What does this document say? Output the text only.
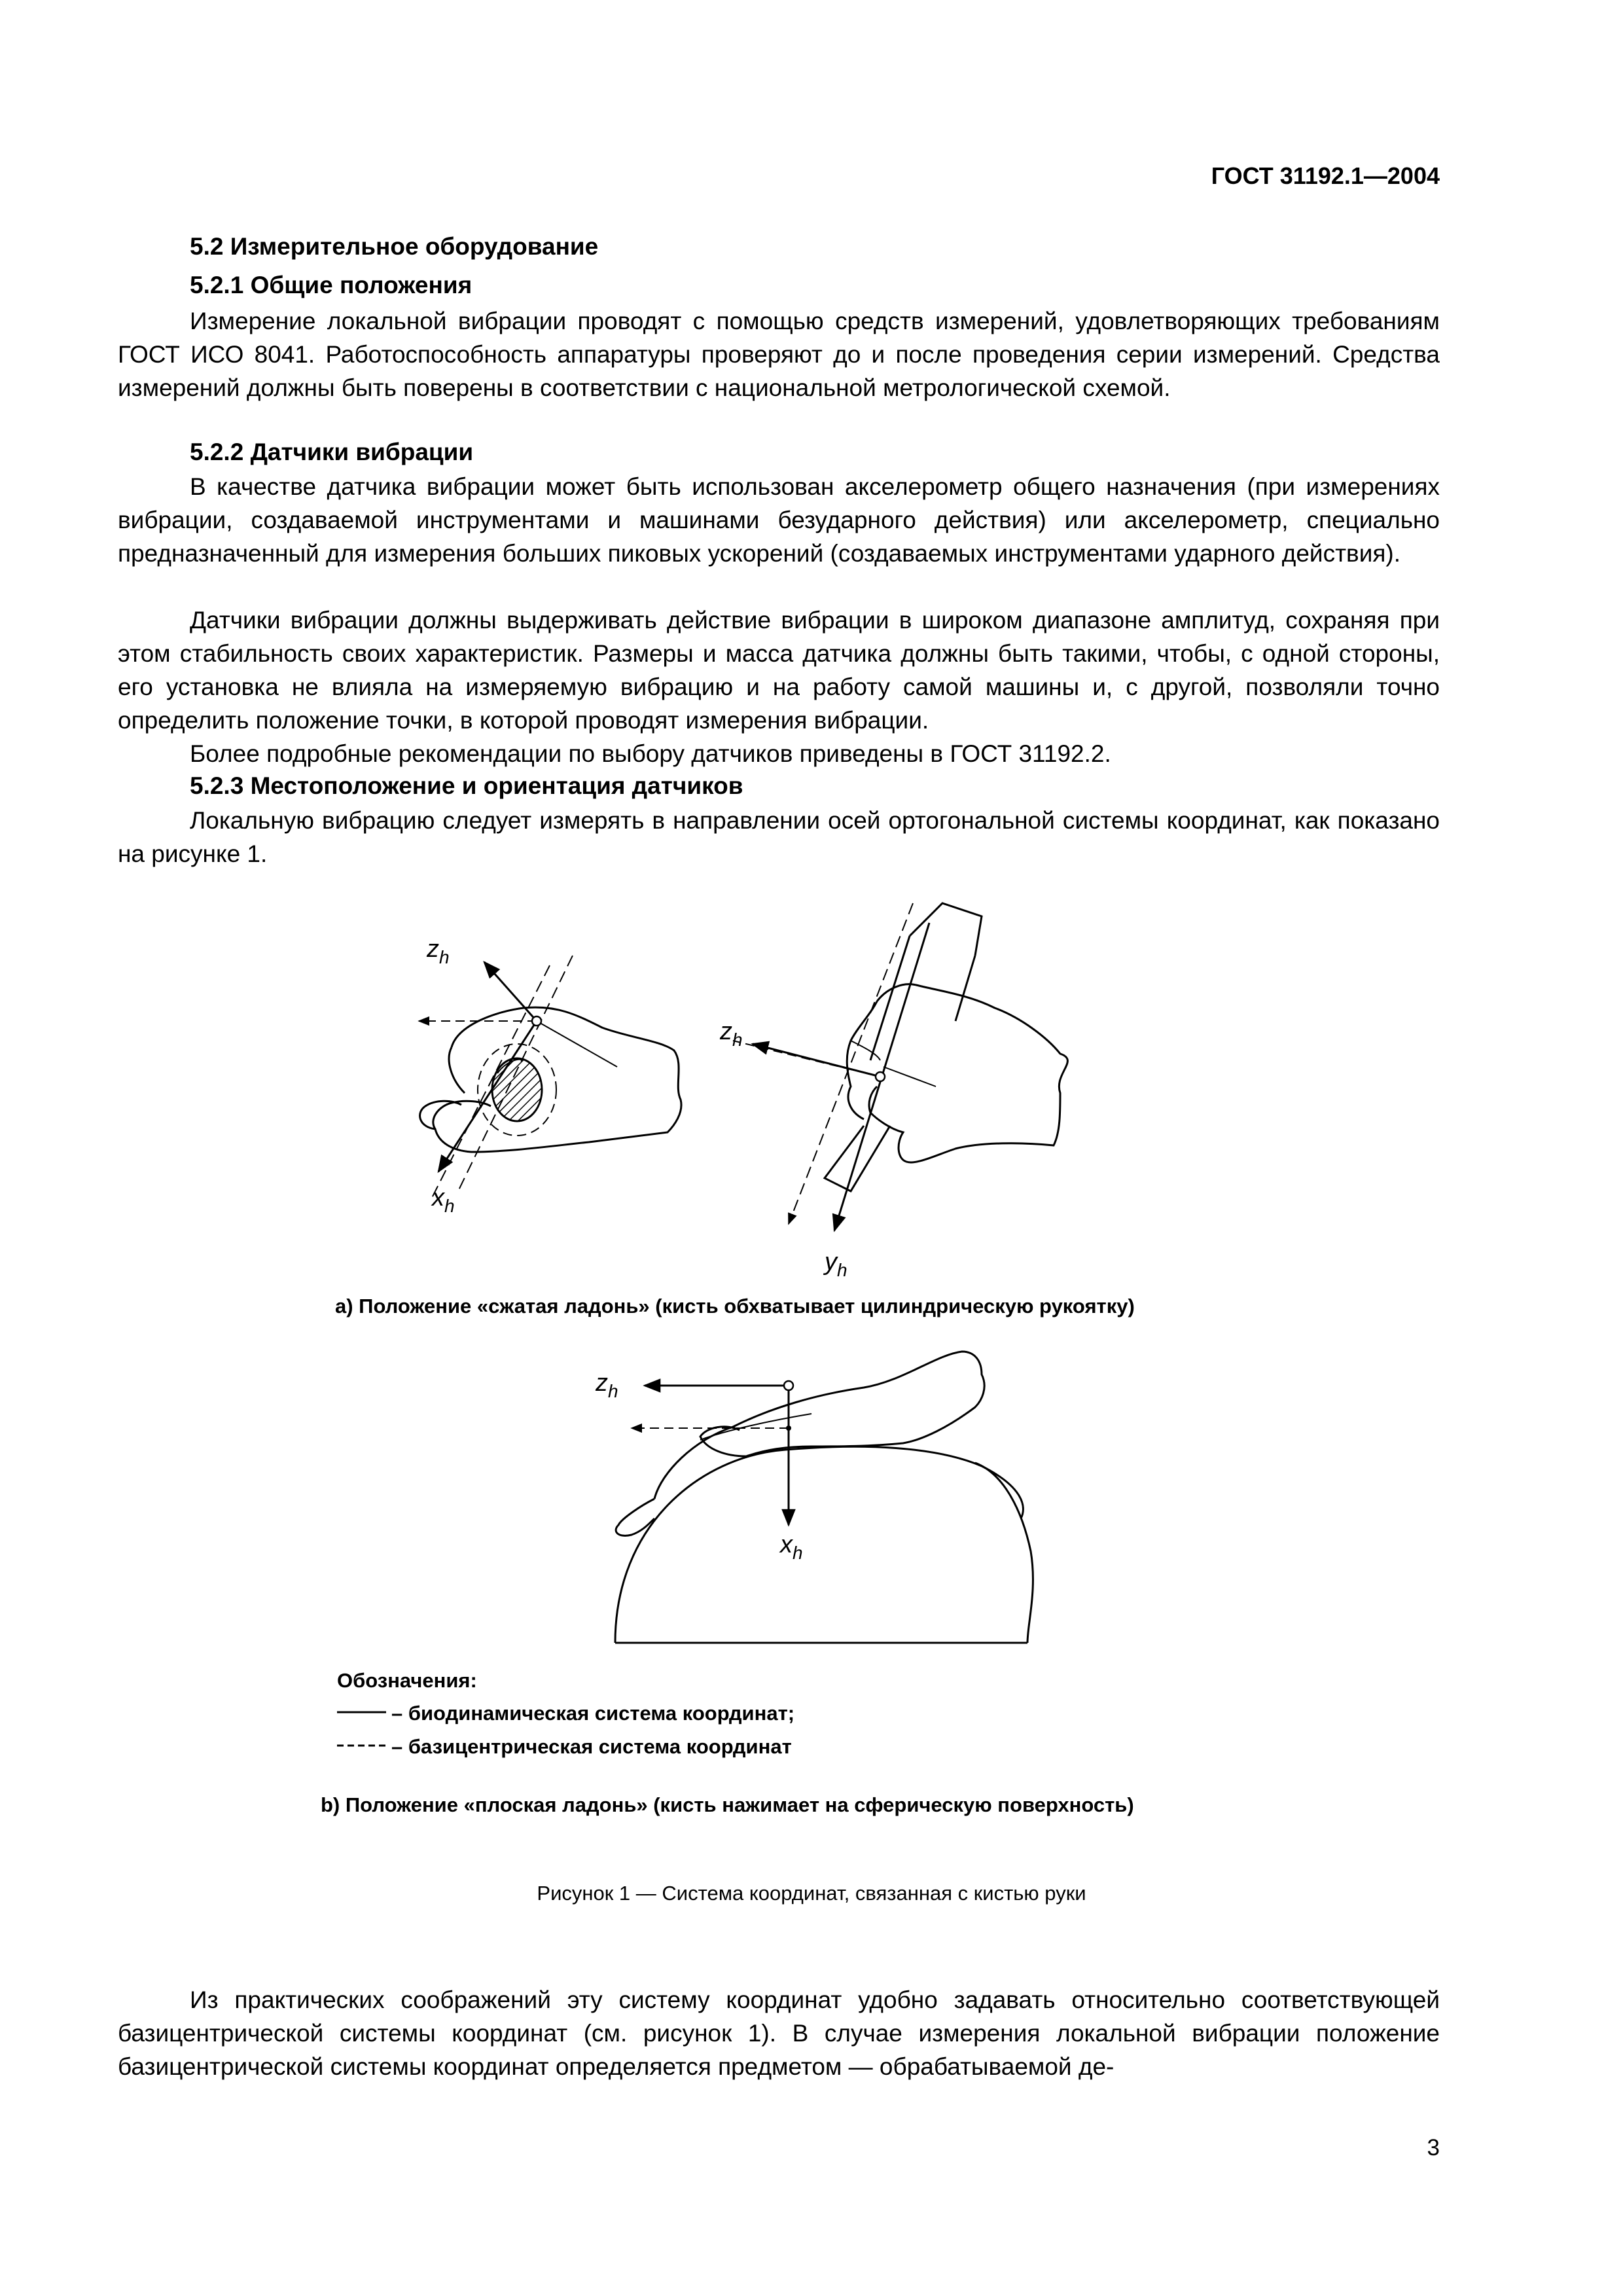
ГОСТ 31192.1—2004
5.2 Измерительное оборудование
5.2.1 Общие положения

Измерение локальной вибрации проводят с помощью средств измерений, удовлетворяющих требованиям ГОСТ ИСО 8041. Работоспособность аппаратуры проверяют до и после проведения серии измерений. Средства измерений должны быть поверены в соответствии с национальной метрологической схемой.

5.2.2 Датчики вибрации

В качестве датчика вибрации может быть использован акселерометр общего назначения (при измерениях вибрации, создаваемой инструментами и машинами безударного действия) или акселерометр, специально предназначенный для измерения больших пиковых ускорений (создаваемых инструментами ударного действия).

Датчики вибрации должны выдерживать действие вибрации в широком диапазоне амплитуд, сохраняя при этом стабильность своих характеристик. Размеры и масса датчика должны быть такими, чтобы, с одной стороны, его установка не влияла на измеряемую вибрацию и на работу самой машины и, с другой, позволяли точно определить положение точки, в которой проводят измерения вибрации.

Более подробные рекомендации по выбору датчиков приведены в ГОСТ 31192.2.

5.2.3 Местоположение и ориентация датчиков

Локальную вибрацию следует измерять в направлении осей ортогональной системы координат, как показано на рисунке 1.

$z_h$
$x_h$
$z_h$
$y_h$
$z_h$
$x_h$
a) Положение «сжатая ладонь» (кисть обхватывает цилиндрическую рукоятку)
Обозначения:
– биодинамическая система координат;
– базицентрическая система координат
b) Положение «плоская ладонь» (кисть нажимает на сферическую поверхность)
Рисунок 1 — Система координат, связанная с кистью руки

Из практических соображений эту систему координат удобно задавать относительно соответствующей базицентрической системы координат (см. рисунок 1). В случае измерения локальной вибрации положение базицентрической системы координат определяется предметом — обрабатываемой де-

3
